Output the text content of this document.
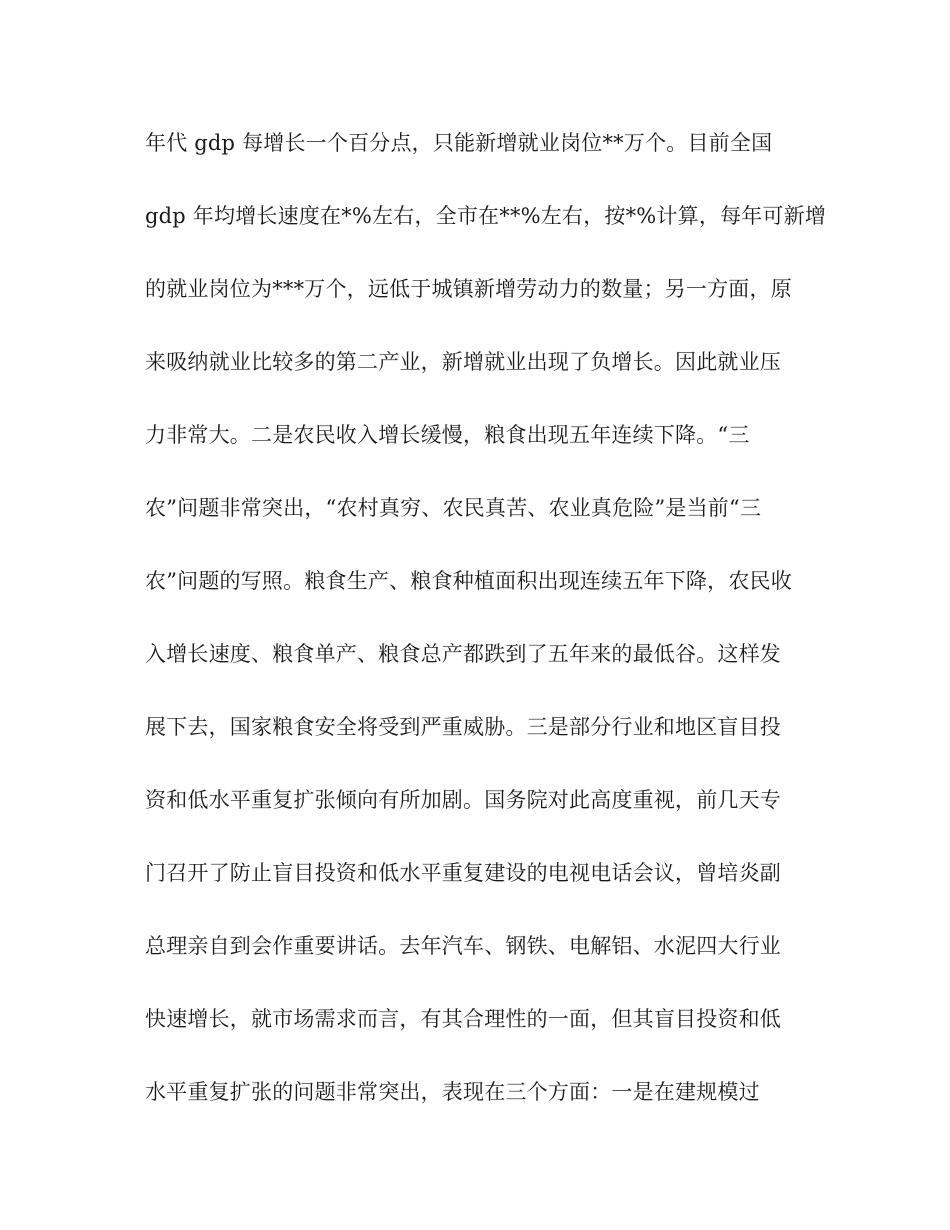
年代 gdp 每增长一个百分点，只能新增就业岗位**万个。目前全国
gdp 年均增长速度在*%左右，全市在**%左右，按*%计算，每年可新增
的就业岗位为***万个，远低于城镇新增劳动力的数量；另一方面，原
来吸纳就业比较多的第二产业，新增就业出现了负增长。因此就业压
力非常大。二是农民收入增长缓慢，粮食出现五年连续下降。“三
农”问题非常突出，“农村真穷、农民真苦、农业真危险”是当前“三
农”问题的写照。粮食生产、粮食种植面积出现连续五年下降，农民收
入增长速度、粮食单产、粮食总产都跌到了五年来的最低谷。这样发
展下去，国家粮食安全将受到严重威胁。三是部分行业和地区盲目投
资和低水平重复扩张倾向有所加剧。国务院对此高度重视，前几天专
门召开了防止盲目投资和低水平重复建设的电视电话会议，曾培炎副
总理亲自到会作重要讲话。去年汽车、钢铁、电解铝、水泥四大行业
快速增长，就市场需求而言，有其合理性的一面，但其盲目投资和低
水平重复扩张的问题非常突出，表现在三个方面：一是在建规模过
